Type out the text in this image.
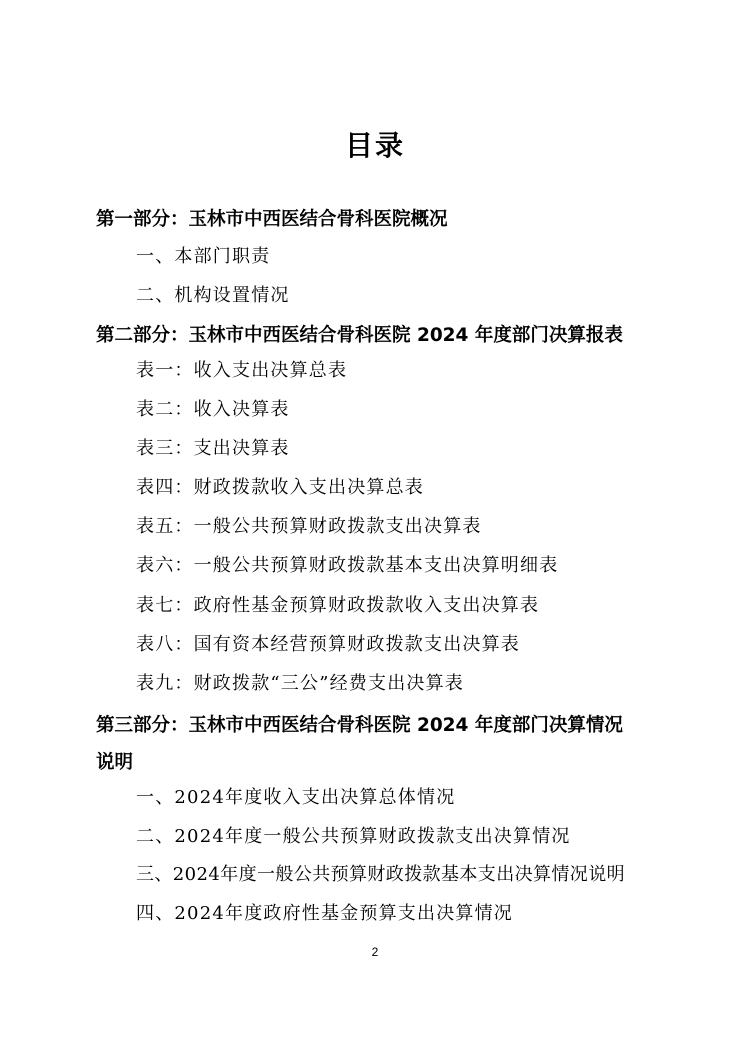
目录

第一部分：玉林市中西医结合骨科医院概况

一、本部门职责

二、机构设置情况

第二部分：玉林市中西医结合骨科医院 2024 年度部门决算报表

表一：收入支出决算总表

表二：收入决算表

表三：支出决算表

表四：财政拨款收入支出决算总表

表五：一般公共预算财政拨款支出决算表

表六：一般公共预算财政拨款基本支出决算明细表

表七：政府性基金预算财政拨款收入支出决算表

表八：国有资本经营预算财政拨款支出决算表

表九：财政拨款“三公”经费支出决算表

第三部分：玉林市中西医结合骨科医院 2024 年度部门决算情况

说明

一、2024年度收入支出决算总体情况

二、2024年度一般公共预算财政拨款支出决算情况

三、2024年度一般公共预算财政拨款基本支出决算情况说明

四、2024年度政府性基金预算支出决算情况

2
